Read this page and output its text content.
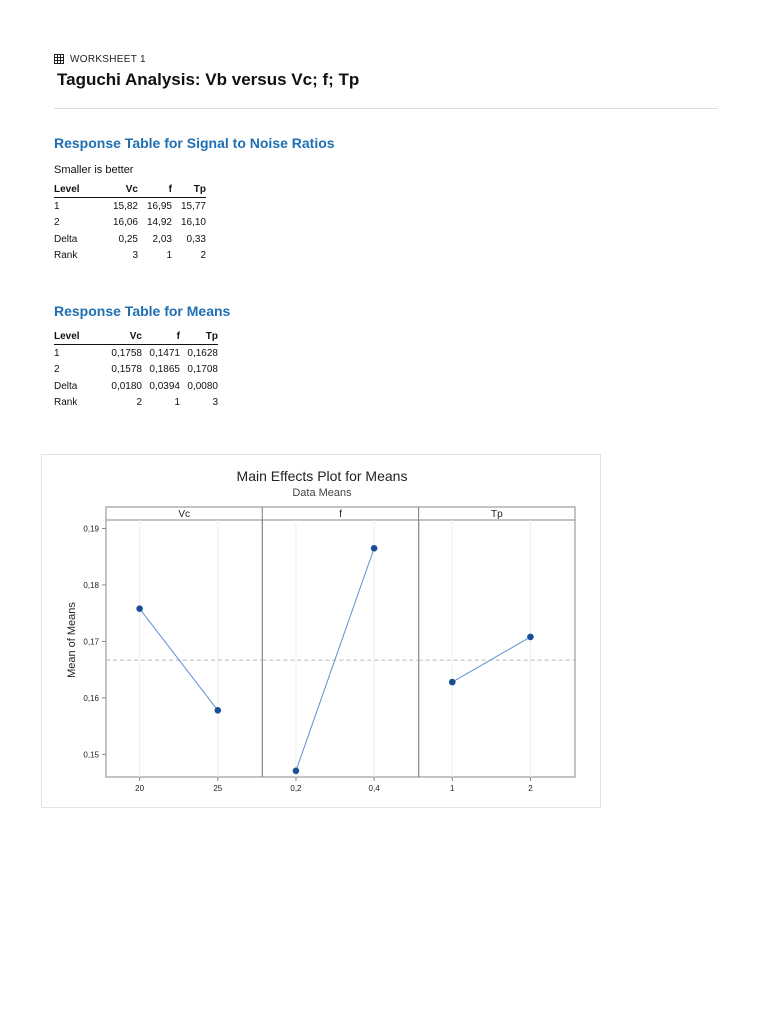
WORKSHEET 1
Taguchi Analysis: Vb versus Vc; f; Tp
Response Table for Signal to Noise Ratios
Smaller is better
Level	Vc	f	Tp
1	15,82	16,95	15,77
2	16,06	14,92	16,10
Delta	0,25	2,03	0,33
Rank	3	1	2
Response Table for Means
Level	Vc	f	Tp
1	0,1758	0,1471	0,1628
2	0,1578	0,1865	0,1708
Delta	0,0180	0,0394	0,0080
Rank	2	1	3
Main Effects Plot for Means
Data Means
Mean of Means
0,15
0,16
0,17
0,18
0,19
Vc
20	25
f
0,2	0,4
Tp
1	2
